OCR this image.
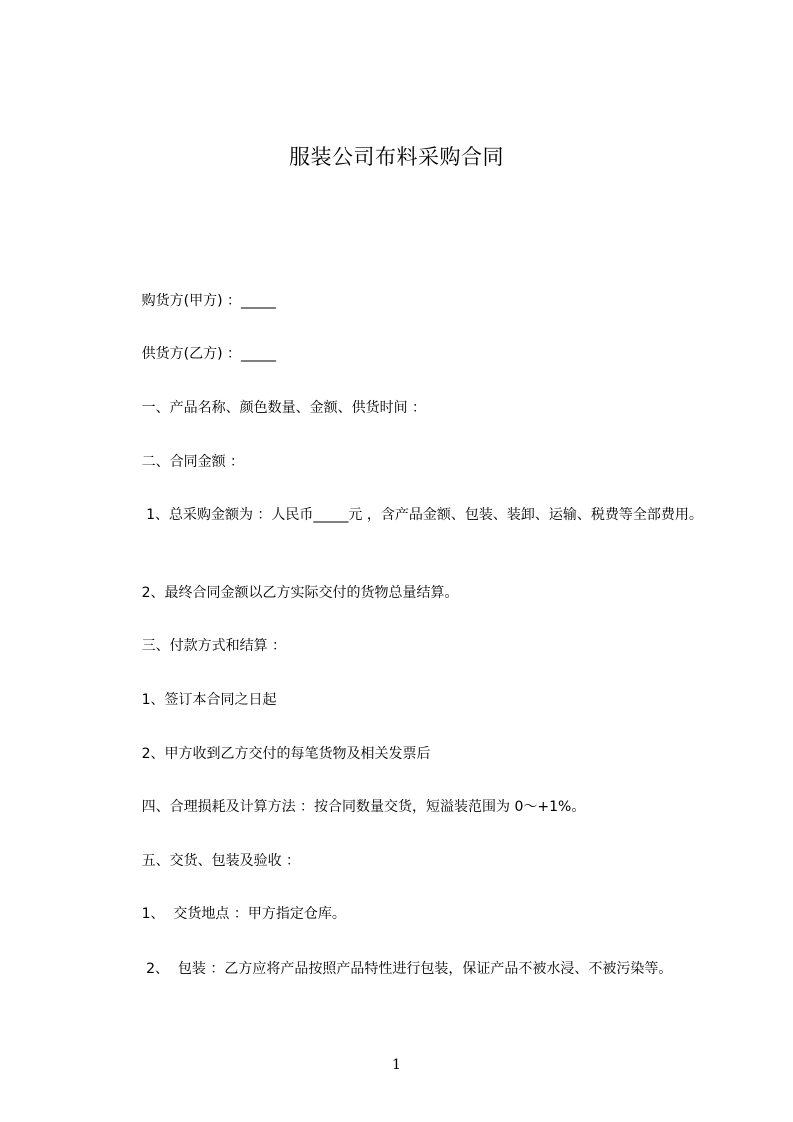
服装公司布料采购合同

购货方(甲方) ：_____

供货方(乙方) ：_____

一、产品名称、颜色数量、金额、供货时间 ：

二、合同金额 ：

1、总采购金额为 ：人民币_____元 ，含产品金额、包装、装卸、运输、税费等全部费用。

2、最终合同金额以乙方实际交付的货物总量结算。

三、付款方式和结算 ：

1、签订本合同之日起

2、甲方收到乙方交付的每笔货物及相关发票后

四、合理损耗及计算方法 ：按合同数量交货，短溢装范围为 0～+1%。

五、交货、包装及验收 ：

1、  交货地点 ：甲方指定仓库。

2、  包装 ：乙方应将产品按照产品特性进行包装，保证产品不被水浸、不被污染等。

1
